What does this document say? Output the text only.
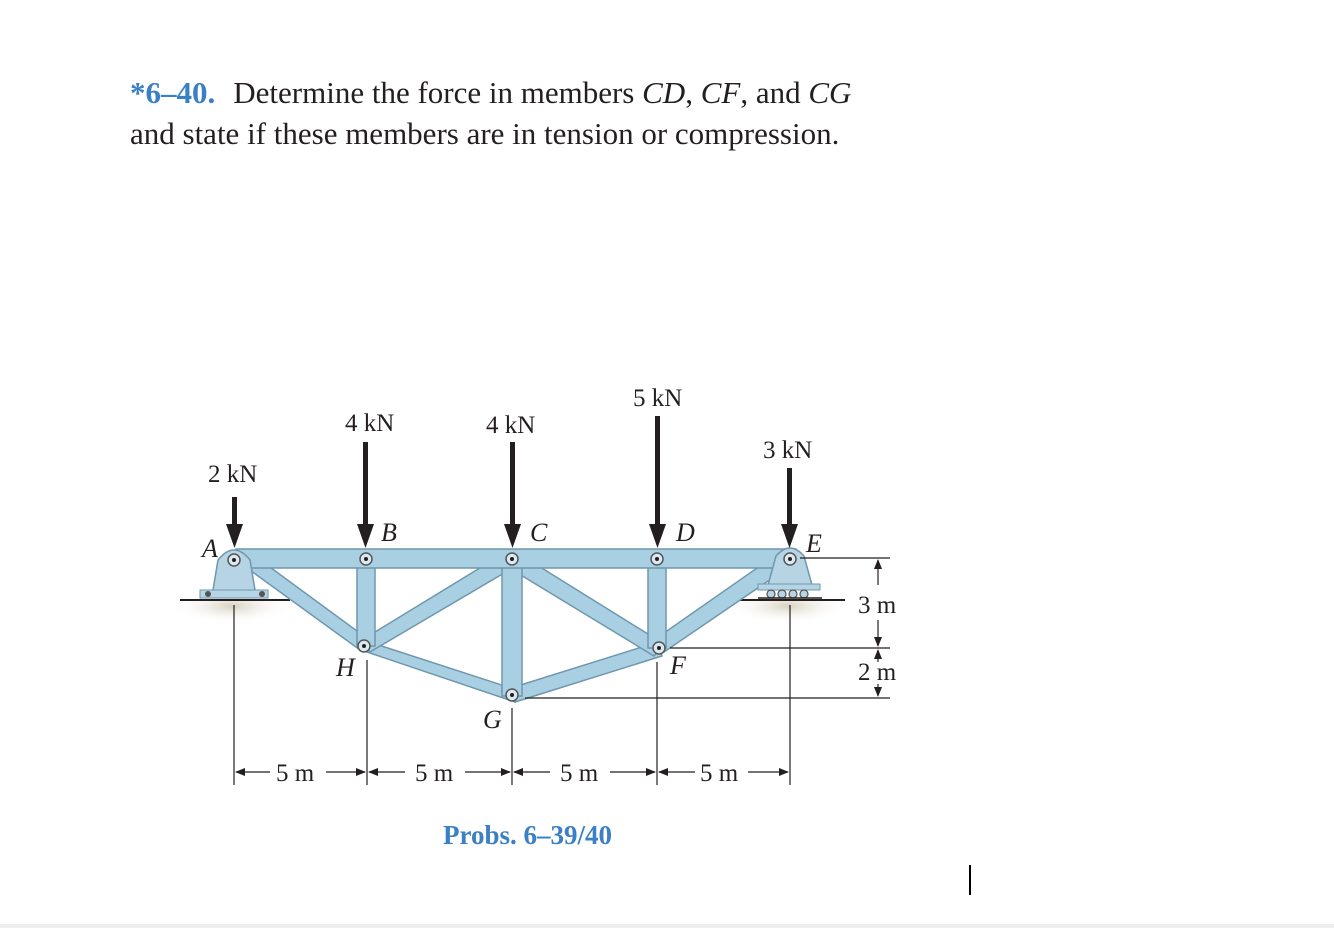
*6–40. Determine the force in members CD, CF, and CG
and state if these members are in tension or compression.
2 kN
4 kN	4 kN
5 kN
3 kN
A
B	C	D	E
F
G
H
5 m	5 m	5 m	5 m
3 m
2 m
Probs. 6–39/40
